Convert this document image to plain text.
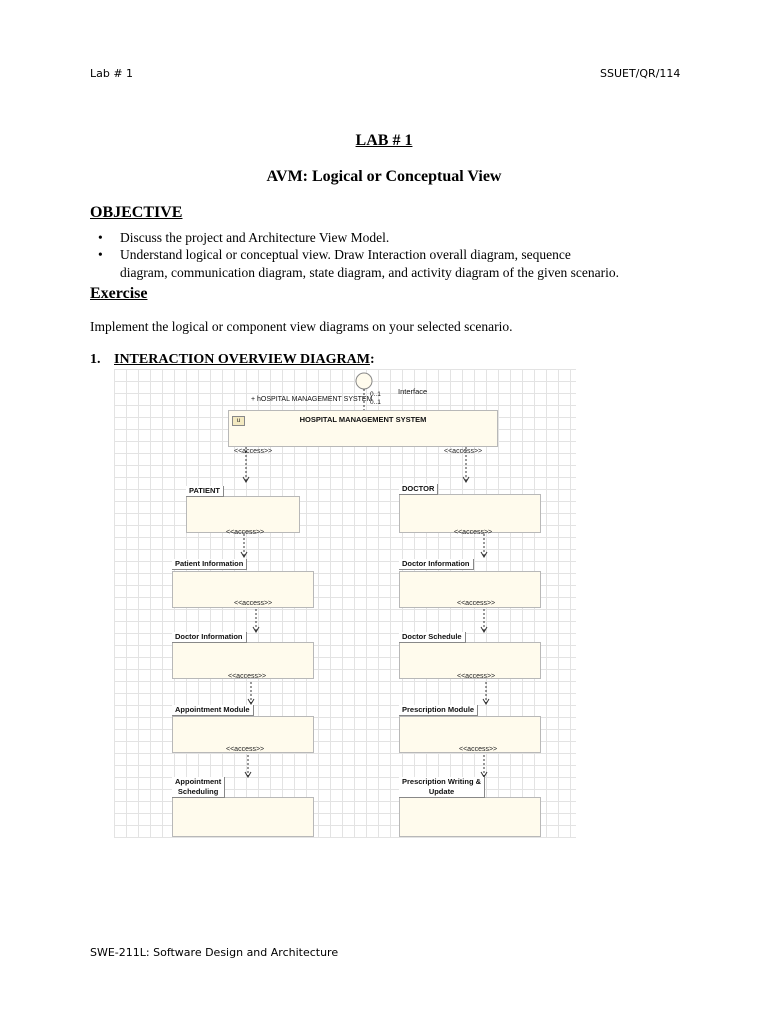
Lab # 1	SSUET/QR/114
LAB # 1
AVM: Logical or Conceptual View
OBJECTIVE
• Discuss the project and Architecture View Model.
• Understand logical or conceptual view. Draw Interaction overall diagram, sequence
diagram, communication diagram, state diagram, and activity diagram of the given scenario.
Exercise
Implement the logical or component view diagrams on your selected scenario.
1. INTERACTION OVERVIEW DIAGRAM:
Interface
+ hOSPITAL MANAGEMENT SYSTEM
0..1
0..1
u	HOSPITAL MANAGEMENT SYSTEM
<<access>>	<<access>>
PATIENT
<<access>>
Patient Information
<<access>>
Doctor Information
<<access>>
Appointment Module
<<access>>
Appointment
Scheduling
DOCTOR
<<access>>
Doctor Information
<<access>>
Doctor Schedule
<<access>>
Prescription Module
<<access>>
Prescription Writing &
Update
SWE-211L: Software Design and Architecture
